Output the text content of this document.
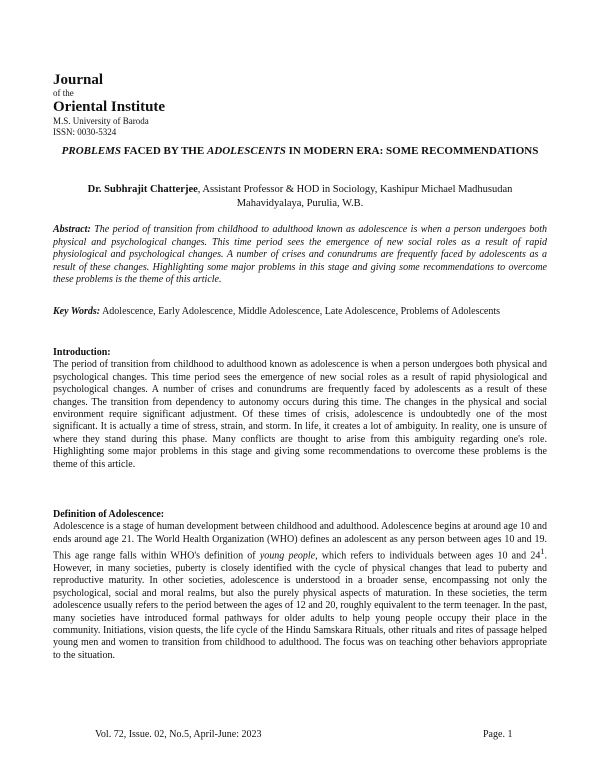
Journal
of the
Oriental Institute
M.S. University of Baroda
ISSN: 0030-5324
PROBLEMS FACED BY THE ADOLESCENTS IN MODERN ERA: SOME RECOMMENDATIONS
Dr. Subhrajit Chatterjee, Assistant Professor & HOD in Sociology, Kashipur Michael Madhusudan Mahavidyalaya, Purulia, W.B.
Abstract: The period of transition from childhood to adulthood known as adolescence is when a person undergoes both physical and psychological changes. This time period sees the emergence of new social roles as a result of rapid physiological and psychological changes. A number of crises and conundrums are frequently faced by adolescents as a result of these changes. Highlighting some major problems in this stage and giving some recommendations to overcome these problems is the theme of this article.
Key Words: Adolescence, Early Adolescence, Middle Adolescence, Late Adolescence, Problems of Adolescents
Introduction:

The period of transition from childhood to adulthood known as adolescence is when a person undergoes both physical and psychological changes. This time period sees the emergence of new social roles as a result of rapid physiological and psychological changes. A number of crises and conundrums are frequently faced by adolescents as a result of these changes. The transition from dependency to autonomy occurs during this time. The changes in the physical and social environment require significant adjustment. Of these times of crisis, adolescence is undoubtedly one of the most significant. It is actually a time of stress, strain, and storm. In life, it creates a lot of ambiguity. In reality, one is unsure of where they stand during this phase. Many conflicts are thought to arise from this ambiguity regarding one's role. Highlighting some major problems in this stage and giving some recommendations to overcome these problems is the theme of this article.

Definition of Adolescence:

Adolescence is a stage of human development between childhood and adulthood. Adolescence begins at around age 10 and ends around age 21. The World Health Organization (WHO) defines an adolescent as any person between ages 10 and 19. This age range falls within WHO's definition of young people, which refers to individuals between ages 10 and $24^1$. However, in many societies, puberty is closely identified with the cycle of physical changes that lead to puberty and reproductive maturity. In other societies, adolescence is understood in a broader sense, encompassing not only the psychological, social and moral realms, but also the purely physical aspects of maturation. In these societies, the term adolescence usually refers to the period between the ages of 12 and 20, roughly equivalent to the term teenager. In the past, many societies have introduced formal pathways for older adults to help young people occupy their place in the community. Initiations, vision quests, the life cycle of the Hindu Samskara Rituals, other rituals and rites of passage helped young men and women to transition from childhood to adulthood. The focus was on teaching other behaviors appropriate to the situation.

Vol. 72, Issue. 02, No.5, April-June: 2023	Page. 1
